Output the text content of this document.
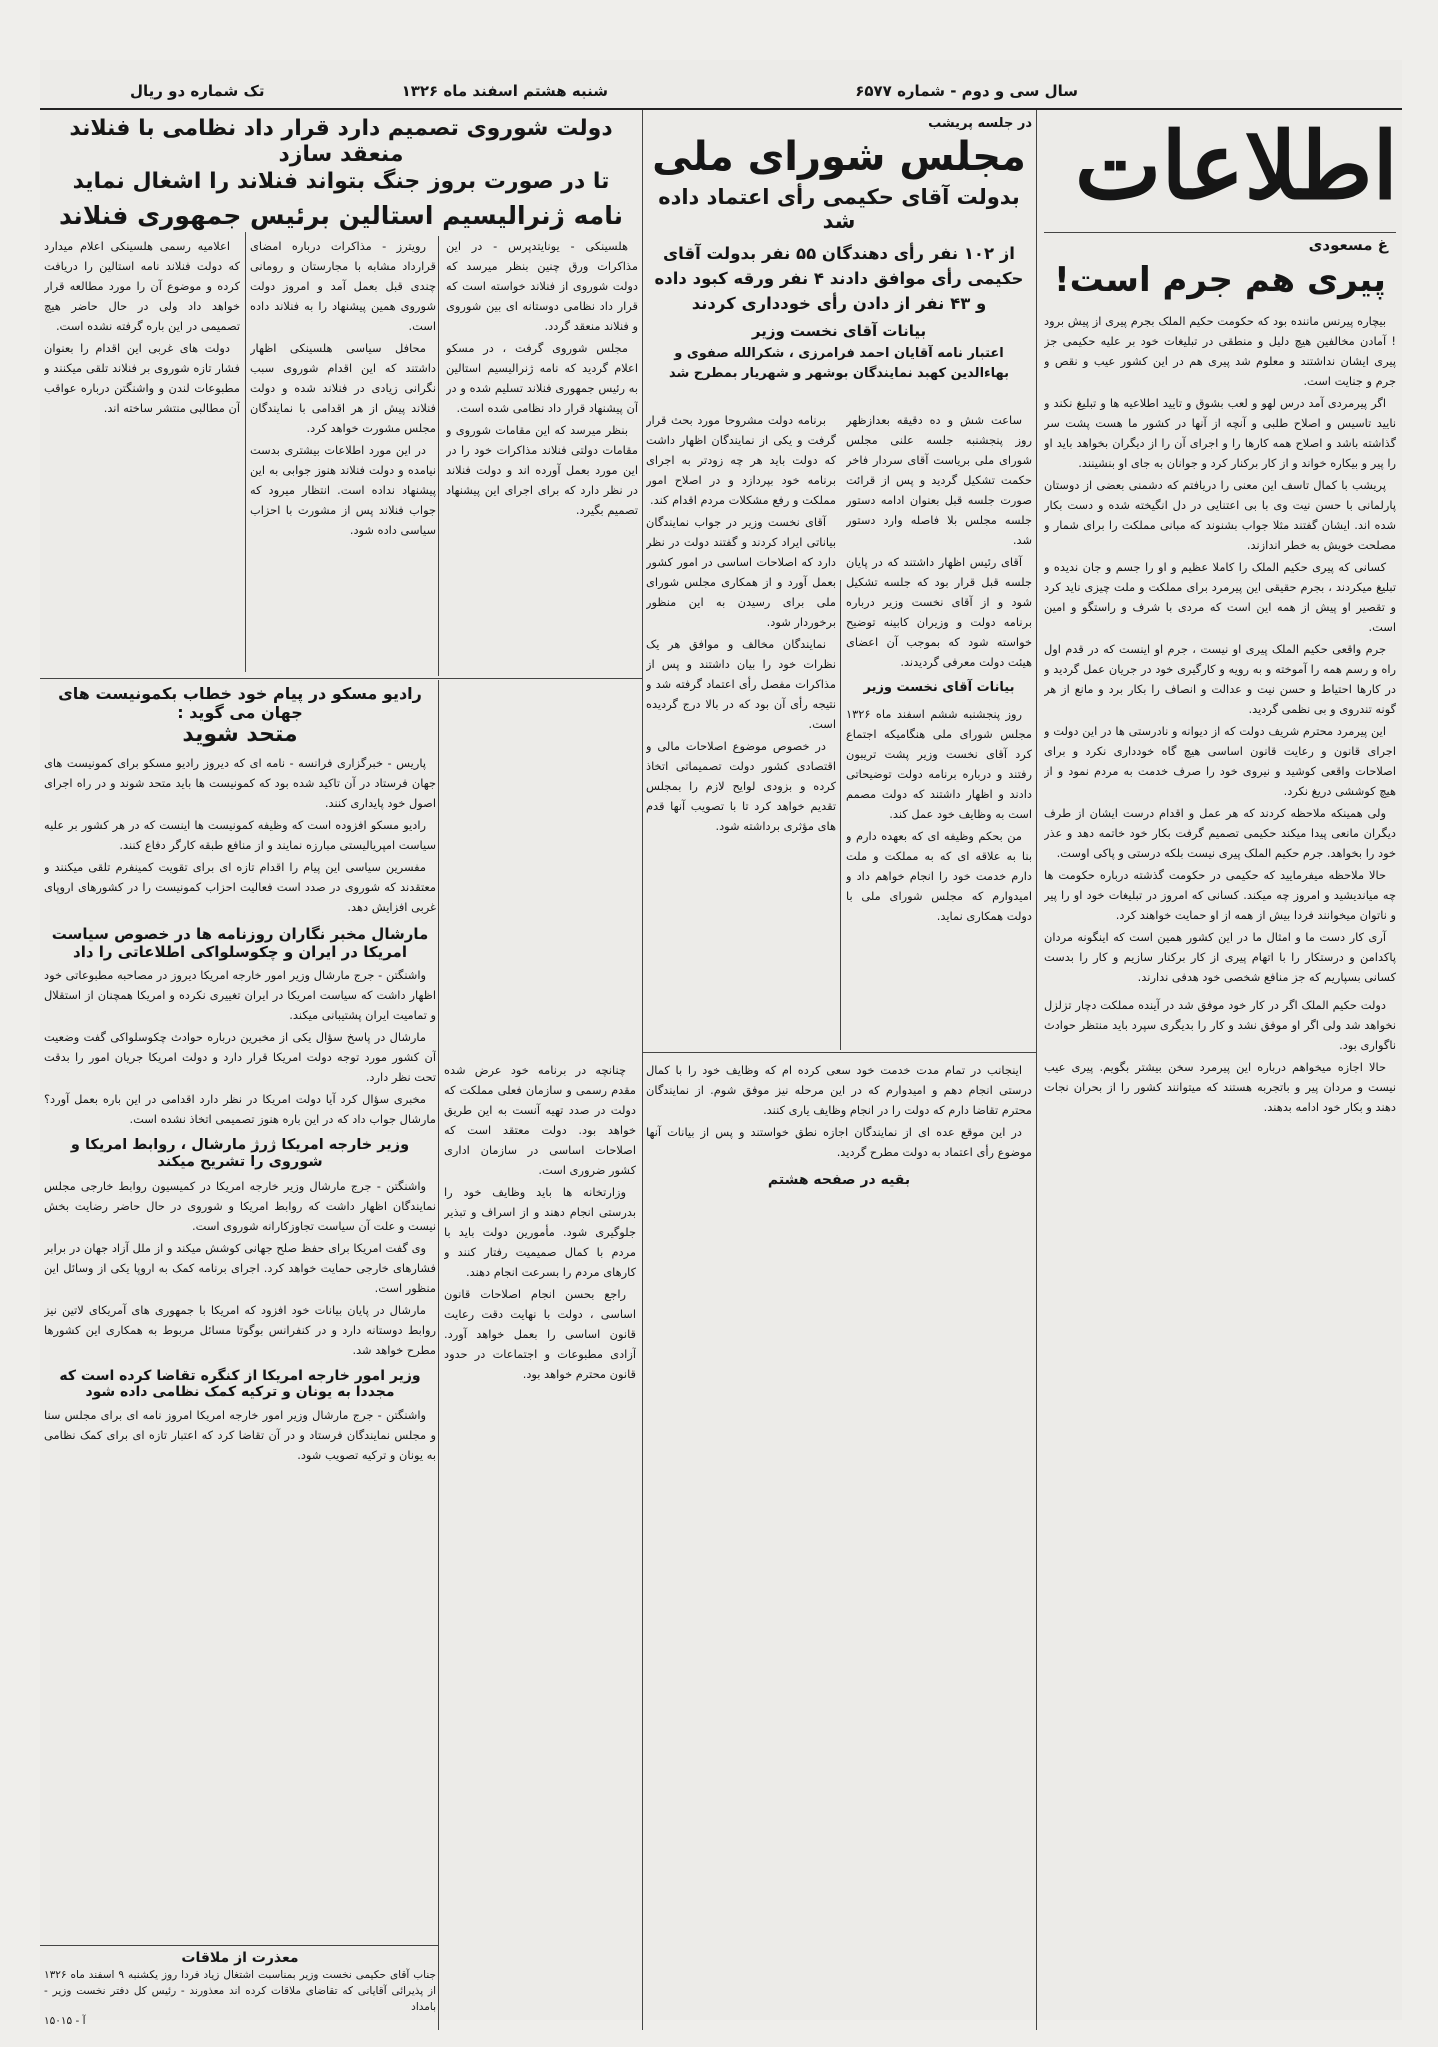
سال سی و دوم - شماره ۶۵۷۷
شنبه هشتم اسفند ماه ۱۳۲۶
تک شماره دو ریال
اطلاعات
غ مسعودی
پیری هم جرم است!

بیچاره پیرنس ماننده بود که حکومت حکیم الملک بجرم پیری از پیش برود ! آمادن مخالفین هیچ دلیل و منطقی در تبلیغات خود بر علیه حکیمی جز پیری ایشان نداشتند و معلوم شد پیری هم در این کشور عیب و نقص و جرم و جنایت است.

اگر پیرمردی آمد درس لهو و لعب بشوق و تایید اطلاعیه ها و تبلیغ نکند و نایید تاسیس و اصلاح طلبی و آنچه از آنها در کشور ما هست پشت سر گذاشته باشد و اصلاح همه کارها را و اجرای آن را از دیگران بخواهد باید او را پیر و بیکاره خواند و از کار برکنار کرد و جوانان به جای او بنشینند.

پریشب با کمال تاسف این معنی را دریافتم که دشمنی بعضی از دوستان پارلمانی با حسن نیت وی با بی اعتنایی در دل انگیخته شده و دست بکار شده اند. ایشان گفتند مثلا جواب بشنوند که مبانی مملکت را برای شمار و مصلحت خویش به خطر اندازند.

کسانی که پیری حکیم الملک را کاملا عظیم و او را جسم و جان ندیده و تبلیغ میکردند ، بجرم حقیقی این پیرمرد برای مملکت و ملت چیزی ناید کرد و تقصیر او پیش از همه این است که مردی با شرف و راستگو و امین است.

جرم واقعی حکیم الملک پیری او نیست ، جرم او اینست که در قدم اول راه و رسم همه را آموخته و به رویه و کارگیری خود در جریان عمل گردید و در کارها احتیاط و حسن نیت و عدالت و انصاف را بکار برد و مانع از هر گونه تندروی و بی نظمی گردید.

این پیرمرد محترم شریف دولت که از دیوانه و نادرستی ها در این دولت و اجرای قانون و رعایت قانون اساسی هیچ گاه خودداری نکرد و برای اصلاحات واقعی کوشید و نیروی خود را صرف خدمت به مردم نمود و از هیچ کوششی دریغ نکرد.

ولی همینکه ملاحظه کردند که هر عمل و اقدام درست ایشان از طرف دیگران مانعی پیدا میکند حکیمی تصمیم گرفت بکار خود خاتمه دهد و عذر خود را بخواهد. جرم حکیم الملک پیری نیست بلکه درستی و پاکی اوست.

حالا ملاحظه میفرمایید که حکیمی در حکومت گذشته درباره حکومت ها چه میاندیشید و امروز چه میکند. کسانی که امروز در تبلیغات خود او را پیر و ناتوان میخوانند فردا بیش از همه از او حمایت خواهند کرد.

آری کار دست ما و امثال ما در این کشور همین است که اینگونه مردان پاکدامن و درستکار را با اتهام پیری از کار برکنار سازیم و کار را بدست کسانی بسپاریم که جز منافع شخصی خود هدفی ندارند.

دولت حکیم الملک اگر در کار خود موفق شد در آینده مملکت دچار تزلزل نخواهد شد ولی اگر او موفق نشد و کار را بدیگری سپرد باید منتظر حوادث ناگواری بود.

حالا اجازه میخواهم درباره این پیرمرد سخن بیشتر بگویم. پیری عیب نیست و مردان پیر و باتجربه هستند که میتوانند کشور را از بحران نجات دهند و بکار خود ادامه بدهند.

در جلسه پریشب
مجلس شورای ملی
بدولت آقای حکیمی رأی اعتماد داده شد
از ۱۰۲ نفر رأی دهندگان ۵۵ نفر بدولت آقای
حکیمی رأی موافق دادند ۴ نفر ورقه کبود داده
و ۴۳ نفر از دادن رأی خودداری کردند
بیانات آقای نخست وزیر
اعتبار نامه آقایان احمد فرامرزی ، شکرالله صفوی و بهاءالدین کهبد نمایندگان بوشهر و شهریار بمطرح شد

ساعت شش و ده دقیقه بعدازظهر روز پنجشنبه جلسه علنی مجلس شورای ملی بریاست آقای سردار فاخر حکمت تشکیل گردید و پس از قرائت صورت جلسه قبل بعنوان ادامه دستور جلسه مجلس بلا فاصله وارد دستور شد.

آقای رئیس اظهار داشتند که در پایان جلسه قبل قرار بود که جلسه تشکیل شود و از آقای نخست وزیر درباره برنامه دولت و وزیران کابینه توضیح خواسته شود که بموجب آن اعضای هیئت دولت معرفی گردیدند.

بیانات آقای نخست وزیر

روز پنجشنبه ششم اسفند ماه ۱۳۲۶ مجلس شورای ملی هنگامیکه اجتماع کرد آقای نخست وزیر پشت تریبون رفتند و درباره برنامه دولت توضیحاتی دادند و اظهار داشتند که دولت مصمم است به وظایف خود عمل کند.

من بحکم وظیفه ای که بعهده دارم و بنا به علاقه ای که به مملکت و ملت دارم خدمت خود را انجام خواهم داد و امیدوارم که مجلس شورای ملی با دولت همکاری نماید.

برنامه دولت مشروحا مورد بحث قرار گرفت و یکی از نمایندگان اظهار داشت که دولت باید هر چه زودتر به اجرای برنامه خود بپردازد و در اصلاح امور مملکت و رفع مشکلات مردم اقدام کند.

آقای نخست وزیر در جواب نمایندگان بیاناتی ایراد کردند و گفتند دولت در نظر دارد که اصلاحات اساسی در امور کشور بعمل آورد و از همکاری مجلس شورای ملی برای رسیدن به این منظور برخوردار شود.

نمایندگان مخالف و موافق هر یک نظرات خود را بیان داشتند و پس از مذاکرات مفصل رأی اعتماد گرفته شد و نتیجه رأی آن بود که در بالا درج گردیده است.

در خصوص موضوع اصلاحات مالی و اقتصادی کشور دولت تصمیماتی اتخاذ کرده و بزودی لوایح لازم را بمجلس تقدیم خواهد کرد تا با تصویب آنها قدم های مؤثری برداشته شود.

دولت شوروی تصمیم دارد قرار داد نظامی با فنلاند منعقد سازد
تا در صورت بروز جنگ بتواند فنلاند را اشغال نماید
نامه ژنرالیسیم استالین برئیس جمهوری فنلاند

هلسینکی - یونایتدپرس - در این مذاکرات ورق چنین بنظر میرسد که دولت شوروی از فنلاند خواسته است که قرار داد نظامی دوستانه ای بین شوروی و فنلاند منعقد گردد.

مجلس شوروی گرفت ، در مسکو اعلام گردید که نامه ژنرالیسیم استالین به رئیس جمهوری فنلاند تسلیم شده و در آن پیشنهاد قرار داد نظامی شده است.

بنظر میرسد که این مقامات شوروی و مقامات دولتی فنلاند مذاکرات خود را در این مورد بعمل آورده اند و دولت فنلاند در نظر دارد که برای اجرای این پیشنهاد تصمیم بگیرد.

رویترز - مذاکرات درباره امضای قرارداد مشابه با مجارستان و رومانی چندی قبل بعمل آمد و امروز دولت شوروی همین پیشنهاد را به فنلاند داده است.

محافل سیاسی هلسینکی اظهار داشتند که این اقدام شوروی سبب نگرانی زیادی در فنلاند شده و دولت فنلاند پیش از هر اقدامی با نمایندگان مجلس مشورت خواهد کرد.

در این مورد اطلاعات بیشتری بدست نیامده و دولت فنلاند هنوز جوابی به این پیشنهاد نداده است. انتظار میرود که جواب فنلاند پس از مشورت با احزاب سیاسی داده شود.

اعلامیه رسمی هلسینکی اعلام میدارد که دولت فنلاند نامه استالین را دریافت کرده و موضوع آن را مورد مطالعه قرار خواهد داد ولی در حال حاضر هیچ تصمیمی در این باره گرفته نشده است.

دولت های غربی این اقدام را بعنوان فشار تازه شوروی بر فنلاند تلقی میکنند و مطبوعات لندن و واشنگتن درباره عواقب آن مطالبی منتشر ساخته اند.

رادیو مسکو در پیام خود خطاب بکمونیست های
جهان می گوید :
متحد شوید

پاریس - خبرگزاری فرانسه - نامه ای که دیروز رادیو مسکو برای کمونیست های جهان فرستاد در آن تاکید شده بود که کمونیست ها باید متحد شوند و در راه اجرای اصول خود پایداری کنند.

رادیو مسکو افزوده است که وظیفه کمونیست ها اینست که در هر کشور بر علیه سیاست امپریالیستی مبارزه نمایند و از منافع طبقه کارگر دفاع کنند.

مفسرین سیاسی این پیام را اقدام تازه ای برای تقویت کمینفرم تلقی میکنند و معتقدند که شوروی در صدد است فعالیت احزاب کمونیست را در کشورهای اروپای غربی افزایش دهد.

مارشال مخبر نگاران روزنامه ها در خصوص سیاست
امریکا در ایران و چکوسلواکی اطلاعاتی را داد

واشنگتن - جرج مارشال وزیر امور خارجه امریکا دیروز در مصاحبه مطبوعاتی خود اظهار داشت که سیاست امریکا در ایران تغییری نکرده و امریکا همچنان از استقلال و تمامیت ایران پشتیبانی میکند.

مارشال در پاسخ سؤال یکی از مخبرین درباره حوادث چکوسلواکی گفت وضعیت آن کشور مورد توجه دولت امریکا قرار دارد و دولت امریکا جریان امور را بدقت تحت نظر دارد.

مخبری سؤال کرد آیا دولت امریکا در نظر دارد اقدامی در این باره بعمل آورد؟ مارشال جواب داد که در این باره هنوز تصمیمی اتخاذ نشده است.

وزیر خارجه امریکا ژرژ مارشال ، روابط امریکا و شوروی را تشریح میکند

واشنگتن - جرج مارشال وزیر خارجه امریکا در کمیسیون روابط خارجی مجلس نمایندگان اظهار داشت که روابط امریکا و شوروی در حال حاضر رضایت بخش نیست و علت آن سیاست تجاوزکارانه شوروی است.

وی گفت امریکا برای حفظ صلح جهانی کوشش میکند و از ملل آزاد جهان در برابر فشارهای خارجی حمایت خواهد کرد. اجرای برنامه کمک به اروپا یکی از وسائل این منظور است.

مارشال در پایان بیانات خود افزود که امریکا با جمهوری های آمریکای لاتین نیز روابط دوستانه دارد و در کنفرانس بوگوتا مسائل مربوط به همکاری این کشورها مطرح خواهد شد.

وزیر امور خارجه امریکا از کنگره تقاضا کرده است که مجددا به یونان و ترکیه کمک نظامی داده شود

واشنگتن - جرج مارشال وزیر امور خارجه امریکا امروز نامه ای برای مجلس سنا و مجلس نمایندگان فرستاد و در آن تقاضا کرد که اعتبار تازه ای برای کمک نظامی به یونان و ترکیه تصویب شود.

معذرت از ملاقات
جناب آقای حکیمی نخست وزیر بمناسبت اشتغال زیاد فردا روز یکشنبه ۹ اسفند ماه ۱۳۲۶ از پذیرائی آقایانی که تقاضای ملاقات کرده اند معذورند - رئیس کل دفتر نخست وزیر - بامداد
آ - ۱۵۰۱۵

چنانچه در برنامه خود عرض شده مقدم رسمی و سازمان فعلی مملکت که دولت در صدد تهیه آنست به این طریق خواهد بود. دولت معتقد است که اصلاحات اساسی در سازمان اداری کشور ضروری است.

وزارتخانه ها باید وظایف خود را بدرستی انجام دهند و از اسراف و تبذیر جلوگیری شود. مأمورین دولت باید با مردم با کمال صمیمیت رفتار کنند و کارهای مردم را بسرعت انجام دهند.

راجع بحسن انجام اصلاحات قانون اساسی ، دولت با نهایت دقت رعایت قانون اساسی را بعمل خواهد آورد. آزادی مطبوعات و اجتماعات در حدود قانون محترم خواهد بود.

اینجانب در تمام مدت خدمت خود سعی کرده ام که وظایف خود را با کمال درستی انجام دهم و امیدوارم که در این مرحله نیز موفق شوم. از نمایندگان محترم تقاضا دارم که دولت را در انجام وظایف یاری کنند.

در این موقع عده ای از نمایندگان اجازه نطق خواستند و پس از بیانات آنها موضوع رأی اعتماد به دولت مطرح گردید.

بقیه در صفحه هشتم
